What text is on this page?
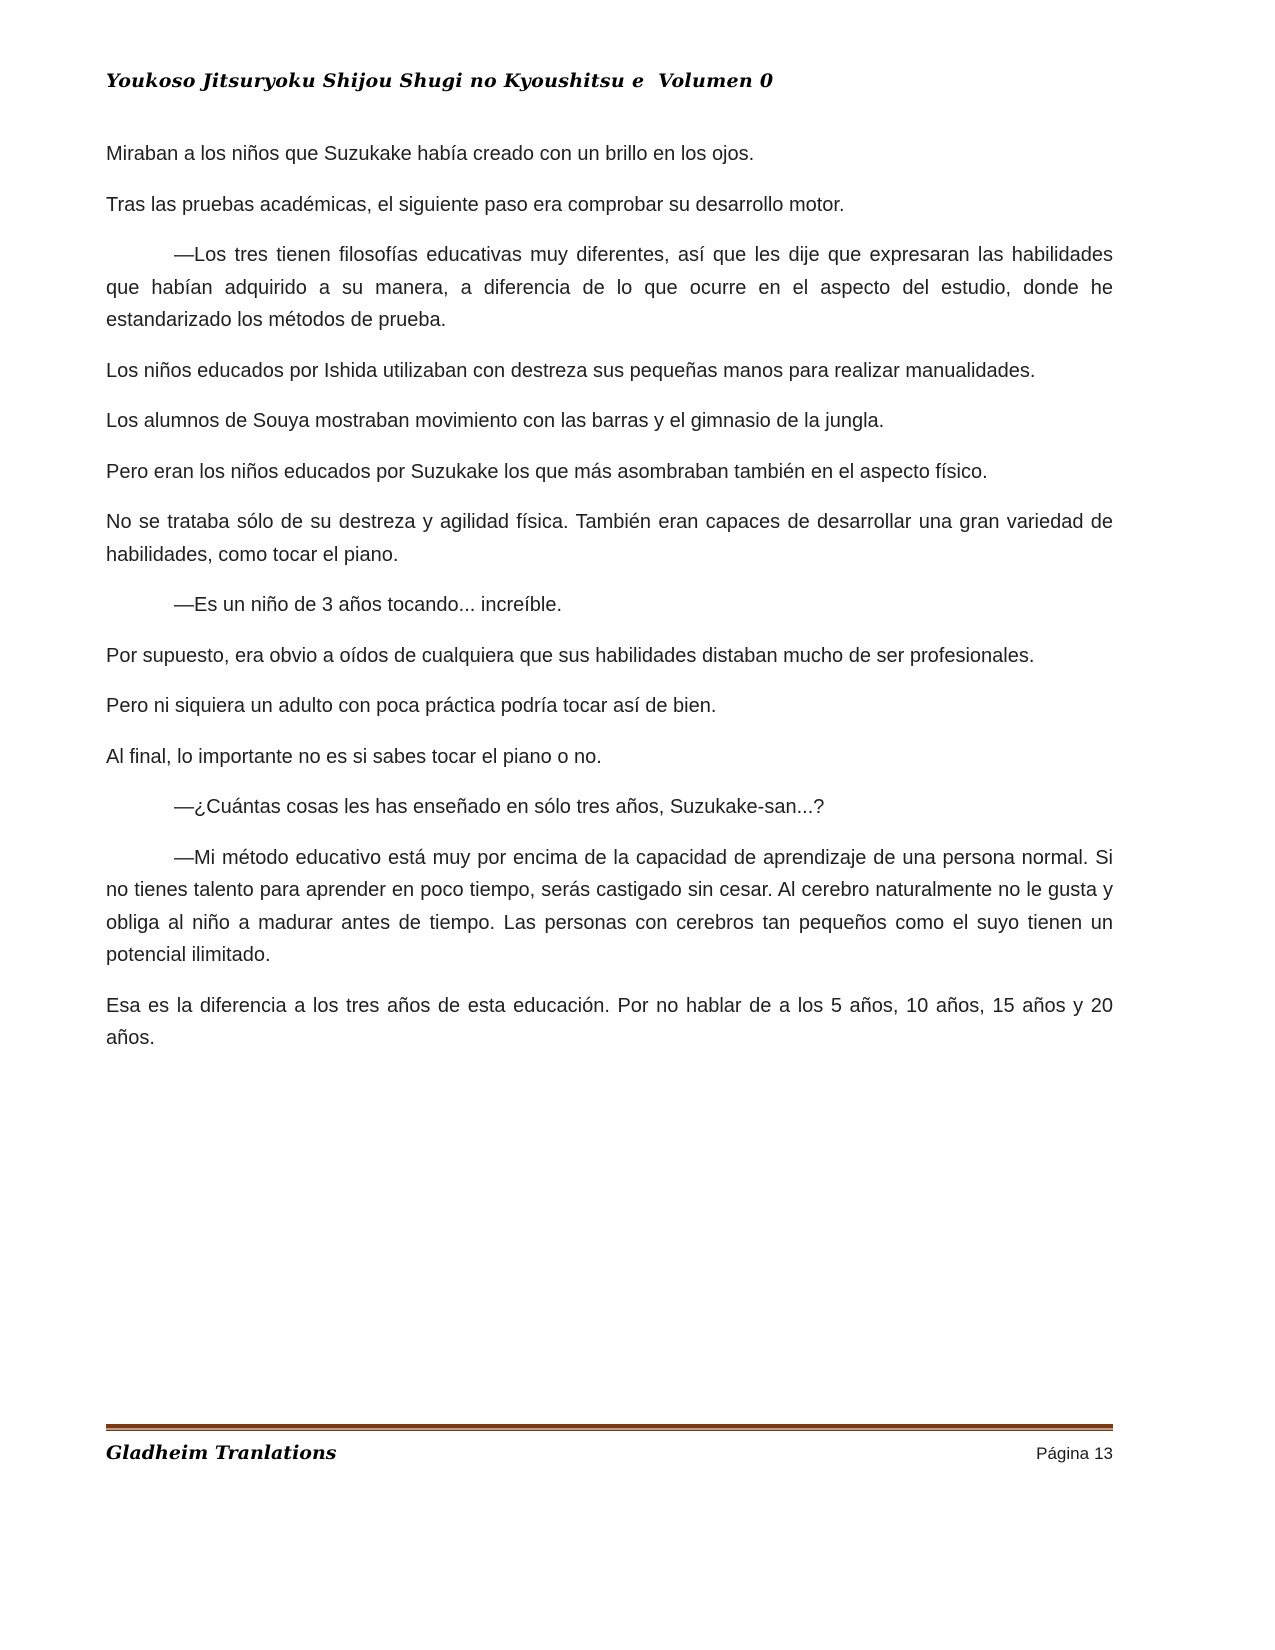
Youkoso Jitsuryoku Shijou Shugi no Kyoushitsu e  Volumen 0

Miraban a los niños que Suzukake había creado con un brillo en los ojos.

Tras las pruebas académicas, el siguiente paso era comprobar su desarrollo motor.

—Los tres tienen filosofías educativas muy diferentes, así que les dije que expresaran las habilidades que habían adquirido a su manera, a diferencia de lo que ocurre en el aspecto del estudio, donde he estandarizado los métodos de prueba.

Los niños educados por Ishida utilizaban con destreza sus pequeñas manos para realizar manualidades.

Los alumnos de Souya mostraban movimiento con las barras y el gimnasio de la jungla.

Pero eran los niños educados por Suzukake los que más asombraban también en el aspecto físico.

No se trataba sólo de su destreza y agilidad física. También eran capaces de desarrollar una gran variedad de habilidades, como tocar el piano.

—Es un niño de 3 años tocando... increíble.

Por supuesto, era obvio a oídos de cualquiera que sus habilidades distaban mucho de ser profesionales.

Pero ni siquiera un adulto con poca práctica podría tocar así de bien.

Al final, lo importante no es si sabes tocar el piano o no.

—¿Cuántas cosas les has enseñado en sólo tres años, Suzukake-san...?

—Mi método educativo está muy por encima de la capacidad de aprendizaje de una persona normal. Si no tienes talento para aprender en poco tiempo, serás castigado sin cesar. Al cerebro naturalmente no le gusta y obliga al niño a madurar antes de tiempo. Las personas con cerebros tan pequeños como el suyo tienen un potencial ilimitado.

Esa es la diferencia a los tres años de esta educación. Por no hablar de a los 5 años, 10 años, 15 años y 20 años.

Gladheim Tranlations	Página 13
